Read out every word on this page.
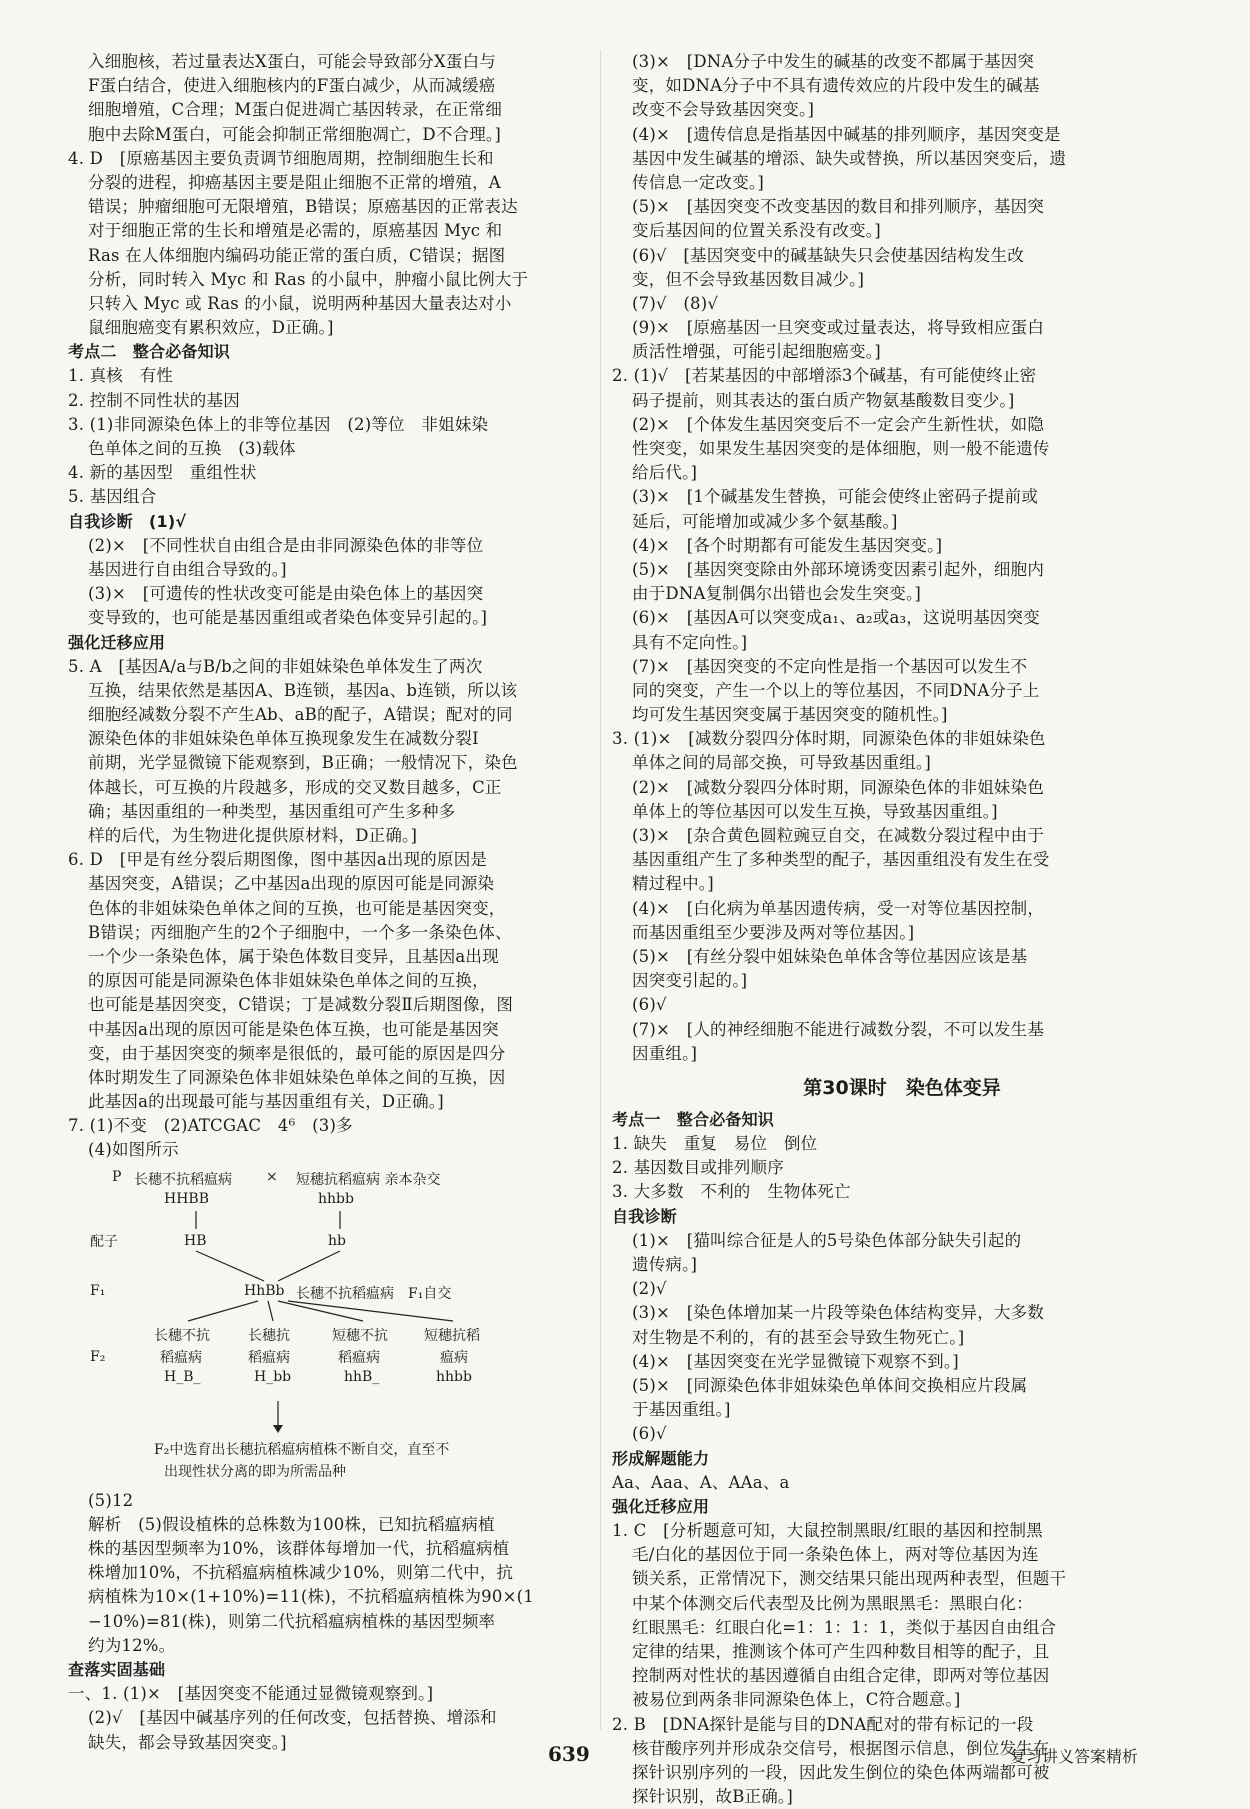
入细胞核，若过量表达X蛋白，可能会导致部分X蛋白与
F蛋白结合，使进入细胞核内的F蛋白减少，从而减缓癌
细胞增殖，C合理；M蛋白促进凋亡基因转录，在正常细
胞中去除M蛋白，可能会抑制正常细胞凋亡，D不合理。]
4. D　[原癌基因主要负责调节细胞周期，控制细胞生长和
分裂的进程，抑癌基因主要是阻止细胞不正常的增殖，A
错误；肿瘤细胞可无限增殖，B错误；原癌基因的正常表达
对于细胞正常的生长和增殖是必需的，原癌基因 Myc 和
Ras 在人体细胞内编码功能正常的蛋白质，C错误；据图
分析，同时转入 Myc 和 Ras 的小鼠中，肿瘤小鼠比例大于
只转入 Myc 或 Ras 的小鼠，说明两种基因大量表达对小
鼠细胞癌变有累积效应，D正确。]
考点二　整合必备知识
1. 真核　有性
2. 控制不同性状的基因
3. (1)非同源染色体上的非等位基因　(2)等位　非姐妹染
色单体之间的互换　(3)载体
4. 新的基因型　重组性状
5. 基因组合
自我诊断　(1)√
(2)×　[不同性状自由组合是由非同源染色体的非等位
基因进行自由组合导致的。]
(3)×　[可遗传的性状改变可能是由染色体上的基因突
变导致的，也可能是基因重组或者染色体变异引起的。]
强化迁移应用
5. A　[基因A/a与B/b之间的非姐妹染色单体发生了两次
互换，结果依然是基因A、B连锁，基因a、b连锁，所以该
细胞经减数分裂不产生Ab、aB的配子，A错误；配对的同
源染色体的非姐妹染色单体互换现象发生在减数分裂Ⅰ
前期，光学显微镜下能观察到，B正确；一般情况下，染色
体越长，可互换的片段越多，形成的交叉数目越多，C正
确；基因重组的一种类型，基因重组可产生多种多
样的后代，为生物进化提供原材料，D正确。]
6. D　[甲是有丝分裂后期图像，图中基因a出现的原因是
基因突变，A错误；乙中基因a出现的原因可能是同源染
色体的非姐妹染色单体之间的互换，也可能是基因突变，
B错误；丙细胞产生的2个子细胞中，一个多一条染色体、
一个少一条染色体，属于染色体数目变异，且基因a出现
的原因可能是同源染色体非姐妹染色单体之间的互换，
也可能是基因突变，C错误；丁是减数分裂Ⅱ后期图像，图
中基因a出现的原因可能是染色体互换，也可能是基因突
变，由于基因突变的频率是很低的，最可能的原因是四分
体时期发生了同源染色体非姐妹染色单体之间的互换，因
此基因a的出现最可能与基因重组有关，D正确。]
7. (1)不变　(2)ATCGAC　4⁶　(3)多
(4)如图所示
P 长穗不抗稻瘟病 × 短穗抗稻瘟病 亲本杂交
HHBB	hhbb
配子	HB	hb
F₁	HhBb 长穗不抗稻瘟病　F₁自交
F₂
长穗不抗
稻瘟病
H_B_
长穗抗
稻瘟病
H_bb
短穗不抗
稻瘟病
hhB_
短穗抗稻
瘟病
hhbb
F₂中选育出长穗抗稻瘟病植株不断自交，直至不
出现性状分离的即为所需品种
(5)12
解析　(5)假设植株的总株数为100株，已知抗稻瘟病植
株的基因型频率为10%，该群体每增加一代，抗稻瘟病植
株增加10%，不抗稻瘟病植株减少10%，则第二代中，抗
病植株为10×(1+10%)=11(株)，不抗稻瘟病植株为90×(1
−10%)=81(株)，则第二代抗稻瘟病植株的基因型频率
约为12%。
查落实固基础
一、1. (1)×　[基因突变不能通过显微镜观察到。]
(2)√　[基因中碱基序列的任何改变，包括替换、增添和
缺失，都会导致基因突变。]
(3)×　[DNA分子中发生的碱基的改变不都属于基因突
变，如DNA分子中不具有遗传效应的片段中发生的碱基
改变不会导致基因突变。]
(4)×　[遗传信息是指基因中碱基的排列顺序，基因突变是
基因中发生碱基的增添、缺失或替换，所以基因突变后，遗
传信息一定改变。]
(5)×　[基因突变不改变基因的数目和排列顺序，基因突
变后基因间的位置关系没有改变。]
(6)√　[基因突变中的碱基缺失只会使基因结构发生改
变，但不会导致基因数目减少。]
(7)√　(8)√
(9)×　[原癌基因一旦突变或过量表达，将导致相应蛋白
质活性增强，可能引起细胞癌变。]
2. (1)√　[若某基因的中部增添3个碱基，有可能使终止密
码子提前，则其表达的蛋白质产物氨基酸数目变少。]
(2)×　[个体发生基因突变后不一定会产生新性状，如隐
性突变，如果发生基因突变的是体细胞，则一般不能遗传
给后代。]
(3)×　[1个碱基发生替换，可能会使终止密码子提前或
延后，可能增加或减少多个氨基酸。]
(4)×　[各个时期都有可能发生基因突变。]
(5)×　[基因突变除由外部环境诱变因素引起外，细胞内
由于DNA复制偶尔出错也会发生突变。]
(6)×　[基因A可以突变成a₁、a₂或a₃，这说明基因突变
具有不定向性。]
(7)×　[基因突变的不定向性是指一个基因可以发生不
同的突变，产生一个以上的等位基因，不同DNA分子上
均可发生基因突变属于基因突变的随机性。]
3. (1)×　[减数分裂四分体时期，同源染色体的非姐妹染色
单体之间的局部交换，可导致基因重组。]
(2)×　[减数分裂四分体时期，同源染色体的非姐妹染色
单体上的等位基因可以发生互换，导致基因重组。]
(3)×　[杂合黄色圆粒豌豆自交，在减数分裂过程中由于
基因重组产生了多种类型的配子，基因重组没有发生在受
精过程中。]
(4)×　[白化病为单基因遗传病，受一对等位基因控制，
而基因重组至少要涉及两对等位基因。]
(5)×　[有丝分裂中姐妹染色单体含等位基因应该是基
因突变引起的。]
(6)√
(7)×　[人的神经细胞不能进行减数分裂，不可以发生基
因重组。]
第30课时　染色体变异
考点一　整合必备知识
1. 缺失　重复　易位　倒位
2. 基因数目或排列顺序
3. 大多数　不利的　生物体死亡
自我诊断
(1)×　[猫叫综合征是人的5号染色体部分缺失引起的
遗传病。]
(2)√
(3)×　[染色体增加某一片段等染色体结构变异，大多数
对生物是不利的，有的甚至会导致生物死亡。]
(4)×　[基因突变在光学显微镜下观察不到。]
(5)×　[同源染色体非姐妹染色单体间交换相应片段属
于基因重组。]
(6)√
形成解题能力
Aa、Aaa、A、AAa、a
强化迁移应用
1. C　[分析题意可知，大鼠控制黑眼/红眼的基因和控制黑
毛/白化的基因位于同一条染色体上，两对等位基因为连
锁关系，正常情况下，测交结果只能出现两种表型，但题干
中某个体测交后代表型及比例为黑眼黑毛：黑眼白化：
红眼黑毛：红眼白化=1：1：1：1，类似于基因自由组合
定律的结果，推测该个体可产生四种数目相等的配子，且
控制两对性状的基因遵循自由组合定律，即两对等位基因
被易位到两条非同源染色体上，C符合题意。]
2. B　[DNA探针是能与目的DNA配对的带有标记的一段
核苷酸序列并形成杂交信号，根据图示信息，倒位发生在
探针识别序列的一段，因此发生倒位的染色体两端都可被
探针识别，故B正确。]
639	复习讲义答案精析
